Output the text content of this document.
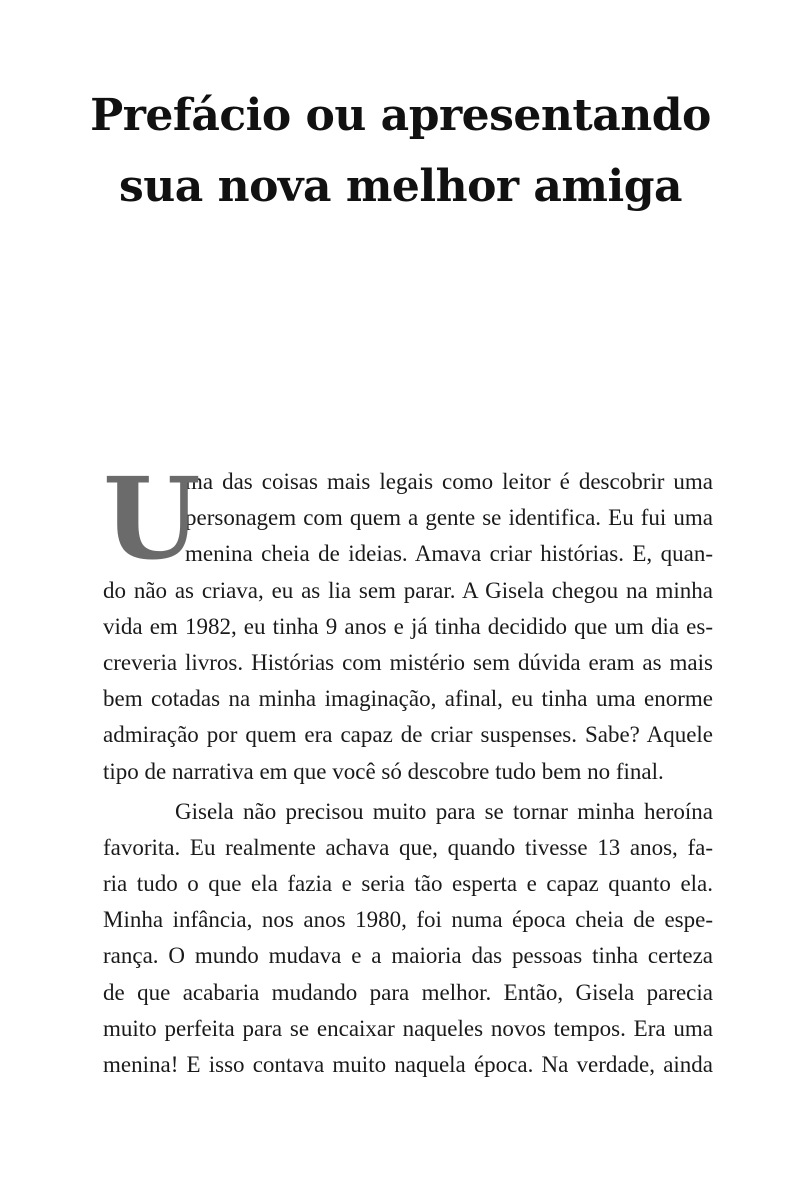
Prefácio ou apresentando
sua nova melhor amiga
U
ma das coisas mais legais como leitor é descobrir uma
personagem com quem a gente se identifica. Eu fui uma
menina cheia de ideias. Amava criar histórias. E, quan-
do não as criava, eu as lia sem parar. A Gisela chegou na minha
vida em 1982, eu tinha 9 anos e já tinha decidido que um dia es-
creveria livros. Histórias com mistério sem dúvida eram as mais
bem cotadas na minha imaginação, afinal, eu tinha uma enorme
admiração por quem era capaz de criar suspenses. Sabe? Aquele
tipo de narrativa em que você só descobre tudo bem no final.
Gisela não precisou muito para se tornar minha heroína
favorita. Eu realmente achava que, quando tivesse 13 anos, fa-
ria tudo o que ela fazia e seria tão esperta e capaz quanto ela.
Minha infância, nos anos 1980, foi numa época cheia de espe-
rança. O mundo mudava e a maioria das pessoas tinha certeza
de que acabaria mudando para melhor. Então, Gisela parecia
muito perfeita para se encaixar naqueles novos tempos. Era uma
menina! E isso contava muito naquela época. Na verdade, ainda
